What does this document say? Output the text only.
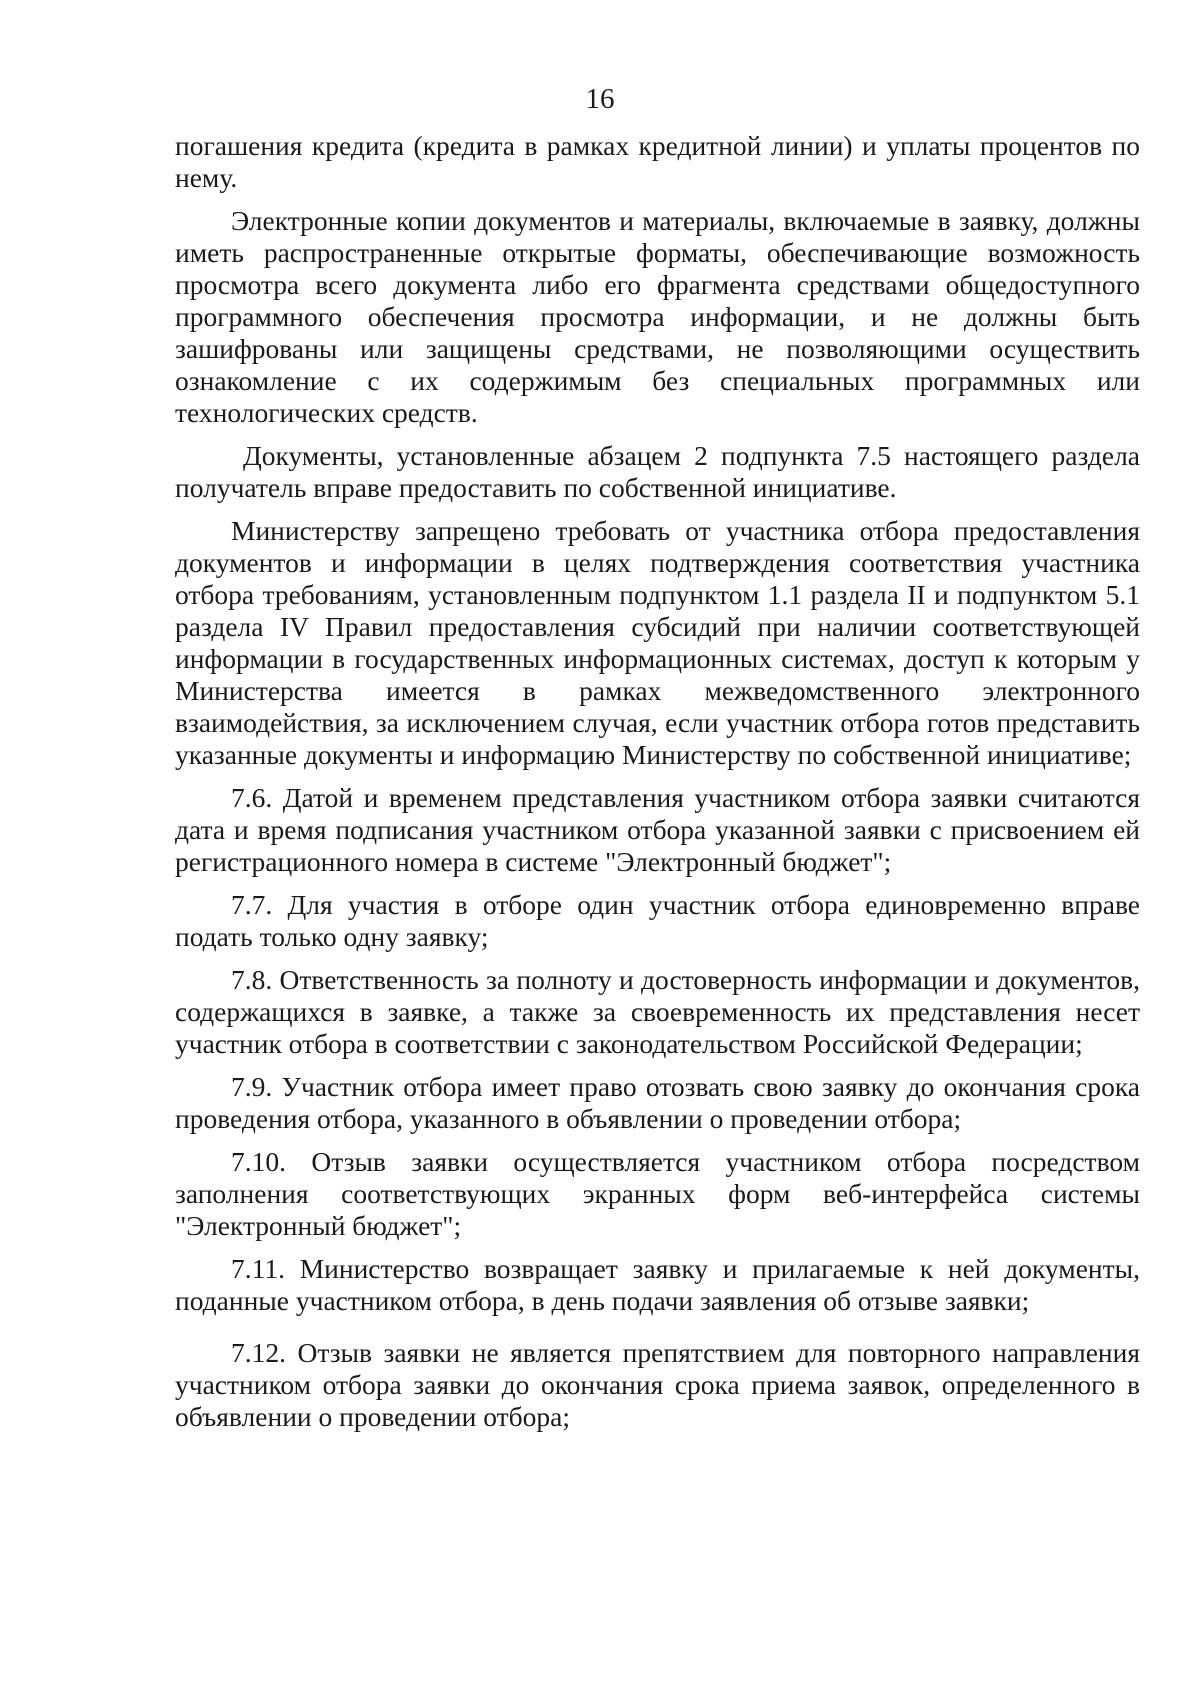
16

погашения кредита (кредита в рамках кредитной линии) и уплаты процентов по нему.

Электронные копии документов и материалы, включаемые в заявку, должны иметь распространенные открытые форматы, обеспечивающие возможность просмотра всего документа либо его фрагмента средствами общедоступного программного обеспечения просмотра информации, и не должны быть зашифрованы или защищены средствами, не позволяющими осуществить ознакомление с их содержимым без специальных программных или технологических средств.

Документы, установленные абзацем 2 подпункта 7.5 настоящего раздела получатель вправе предоставить по собственной инициативе.

Министерству запрещено требовать от участника отбора предоставления документов и информации в целях подтверждения соответствия участника отбора требованиям, установленным подпунктом 1.1 раздела II и подпунктом 5.1 раздела IV Правил предоставления субсидий при наличии соответствующей информации в государственных информационных системах, доступ к которым у Министерства имеется в рамках межведомственного электронного взаимодействия, за исключением случая, если участник отбора готов представить указанные документы и информацию Министерству по собственной инициативе;

7.6. Датой и временем представления участником отбора заявки считаются дата и время подписания участником отбора указанной заявки с присвоением ей регистрационного номера в системе "Электронный бюджет";

7.7. Для участия в отборе один участник отбора единовременно вправе подать только одну заявку;

7.8. Ответственность за полноту и достоверность информации и документов, содержащихся в заявке, а также за своевременность их представления несет участник отбора в соответствии с законодательством Российской Федерации;

7.9. Участник отбора имеет право отозвать свою заявку до окончания срока проведения отбора, указанного в объявлении о проведении отбора;

7.10. Отзыв заявки осуществляется участником отбора посредством заполнения соответствующих экранных форм веб-интерфейса системы "Электронный бюджет";

7.11. Министерство возвращает заявку и прилагаемые к ней документы, поданные участником отбора, в день подачи заявления об отзыве заявки;

7.12. Отзыв заявки не является препятствием для повторного направления участником отбора заявки до окончания срока приема заявок, определенного в объявлении о проведении отбора;
